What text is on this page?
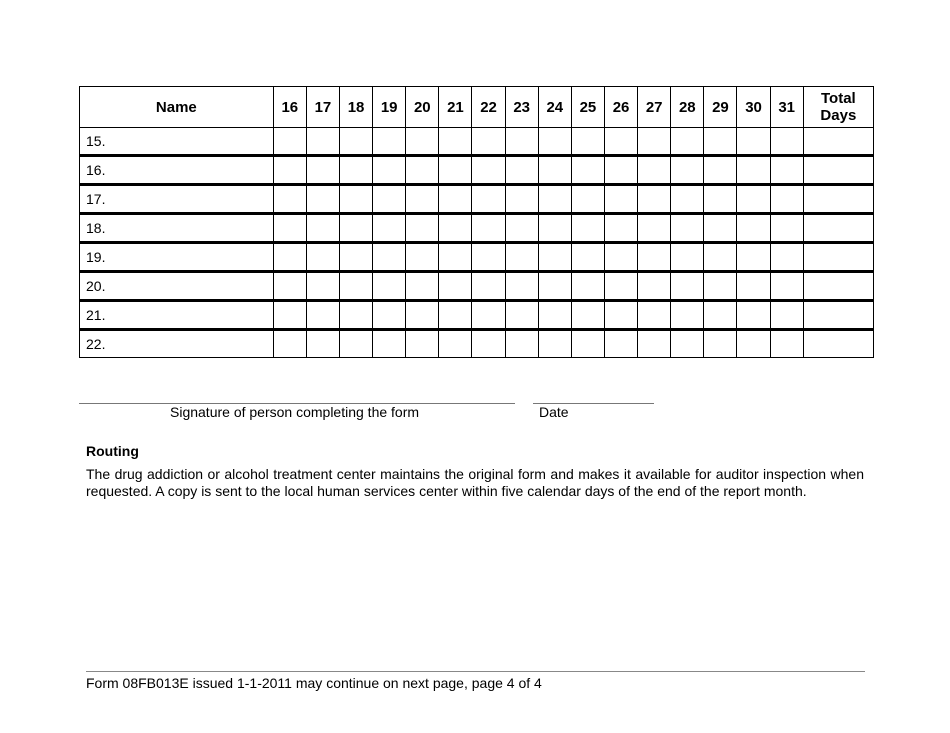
Name	16	17	18	19	20	21	22	23	24	25	26	27	28	29	30	31	Total
Days
15.																	
16.																	
17.																	
18.																	
19.																	
20.																	
21.																	
22.																	
Signature of person completing the form	Date
Routing

The drug addiction or alcohol treatment center maintains the original form and makes it available for auditor inspection when requested. A copy is sent to the local human services center within five calendar days of the end of the report month.

Form 08FB013E issued 1-1-2011 may continue on next page, page 4 of 4
